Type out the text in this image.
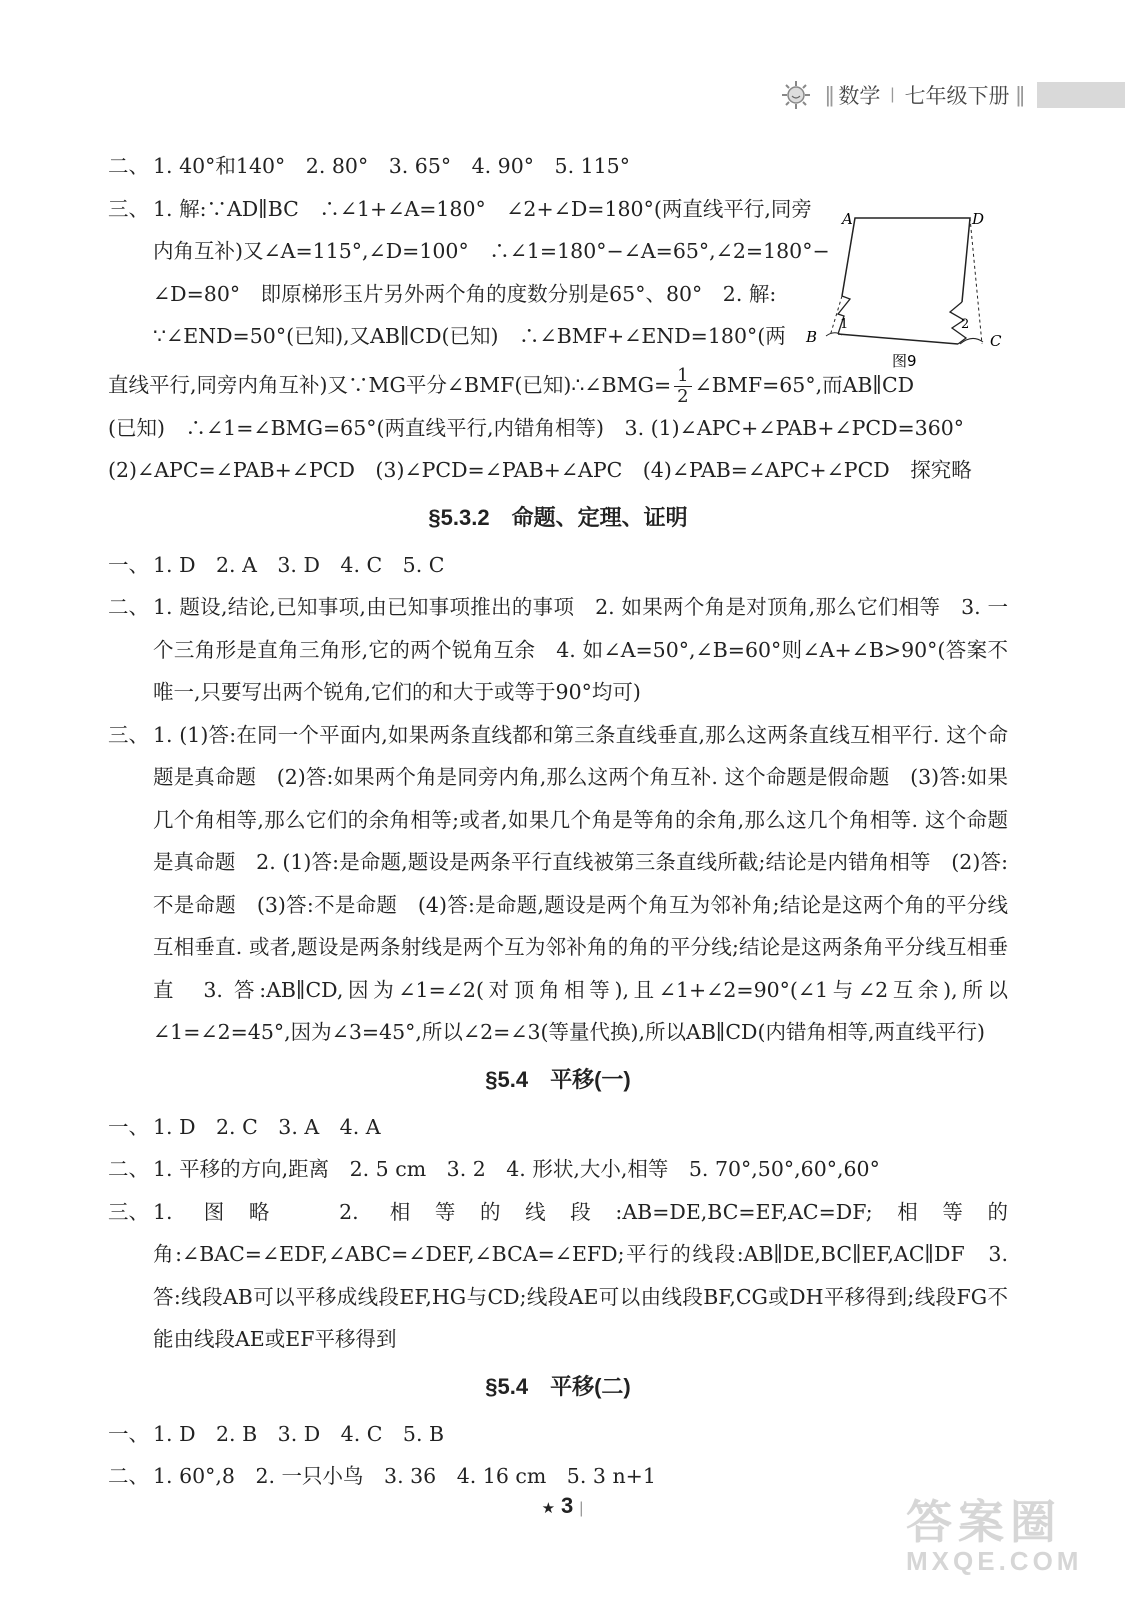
|| 数学 | 七年级下册 ||
二、 1. 40°和140°　2. 80°　3. 65°　4. 90°　5. 115°
三、 1. 解:∵AD∥BC　∴∠1+∠A=180°　∠2+∠D=180°(两直线平行,同旁
内角互补)又∠A=115°,∠D=100°　∴∠1=180°−∠A=65°,∠2=180°−
∠D=80°　即原梯形玉片另外两个角的度数分别是65°、80°　2. 解:
∵∠END=50°(已知),又AB∥CD(已知)　∴∠BMF+∠END=180°(两
直线平行,同旁内角互补)又∵MG平分∠BMF(已知)∴∠BMG= $\frac{1}{2}$ ∠BMF=65°,而AB∥CD
(已知)　∴∠1=∠BMG=65°(两直线平行,内错角相等)　3. (1)∠APC+∠PAB+∠PCD=360°
(2)∠APC=∠PAB+∠PCD　(3)∠PCD=∠PAB+∠APC　(4)∠PAB=∠APC+∠PCD　探究略
§5.3.2　命题、定理、证明
一、 1. D　2. A　3. D　4. C　5. C
二、 1. 题设,结论,已知事项,由已知事项推出的事项　2. 如果两个角是对顶角,那么它们相等　3. 一个三角形是直角三角形,它的两个锐角互余　4. 如∠A=50°,∠B=60°则∠A+∠B>90°(答案不唯一,只要写出两个锐角,它们的和大于或等于90°均可)
三、 1. (1)答:在同一个平面内,如果两条直线都和第三条直线垂直,那么这两条直线互相平行. 这个命题是真命题　(2)答:如果两个角是同旁内角,那么这两个角互补. 这个命题是假命题　(3)答:如果几个角相等,那么它们的余角相等;或者,如果几个角是等角的余角,那么这几个角相等. 这个命题是真命题　2. (1)答:是命题,题设是两条平行直线被第三条直线所截;结论是内错角相等　(2)答:不是命题　(3)答:不是命题　(4)答:是命题,题设是两个角互为邻补角;结论是这两个角的平分线互相垂直. 或者,题设是两条射线是两个互为邻补角的角的平分线;结论是这两条角平分线互相垂直　3. 答:AB∥CD,因为∠1=∠2(对顶角相等),且∠1+∠2=90°(∠1与∠2互余),所以∠1=∠2=45°,因为∠3=45°,所以∠2=∠3(等量代换),所以AB∥CD(内错角相等,两直线平行)
§5.4　平移(一)
一、 1. D　2. C　3. A　4. A
二、 1. 平移的方向,距离　2. 5 cm　3. 2　4. 形状,大小,相等　5. 70°,50°,60°,60°
三、 1. 图略　2. 相等的线段:AB=DE,BC=EF,AC=DF;相等的角:∠BAC=∠EDF,∠ABC=∠DEF,∠BCA=∠EFD;平行的线段:AB∥DE,BC∥EF,AC∥DF　3. 答:线段AB可以平移成线段EF,HG与CD;线段AE可以由线段BF,CG或DH平移得到;线段FG不能由线段AE或EF平移得到
§5.4　平移(二)
一、 1. D　2. B　3. D　4. C　5. B
二、 1. 60°,8　2. 一只小鸟　3. 36　4. 16 cm　5. 3 n+1
A	D
B	C
1	2
图9
★ 3 |	答案圈
MXQE.COM
